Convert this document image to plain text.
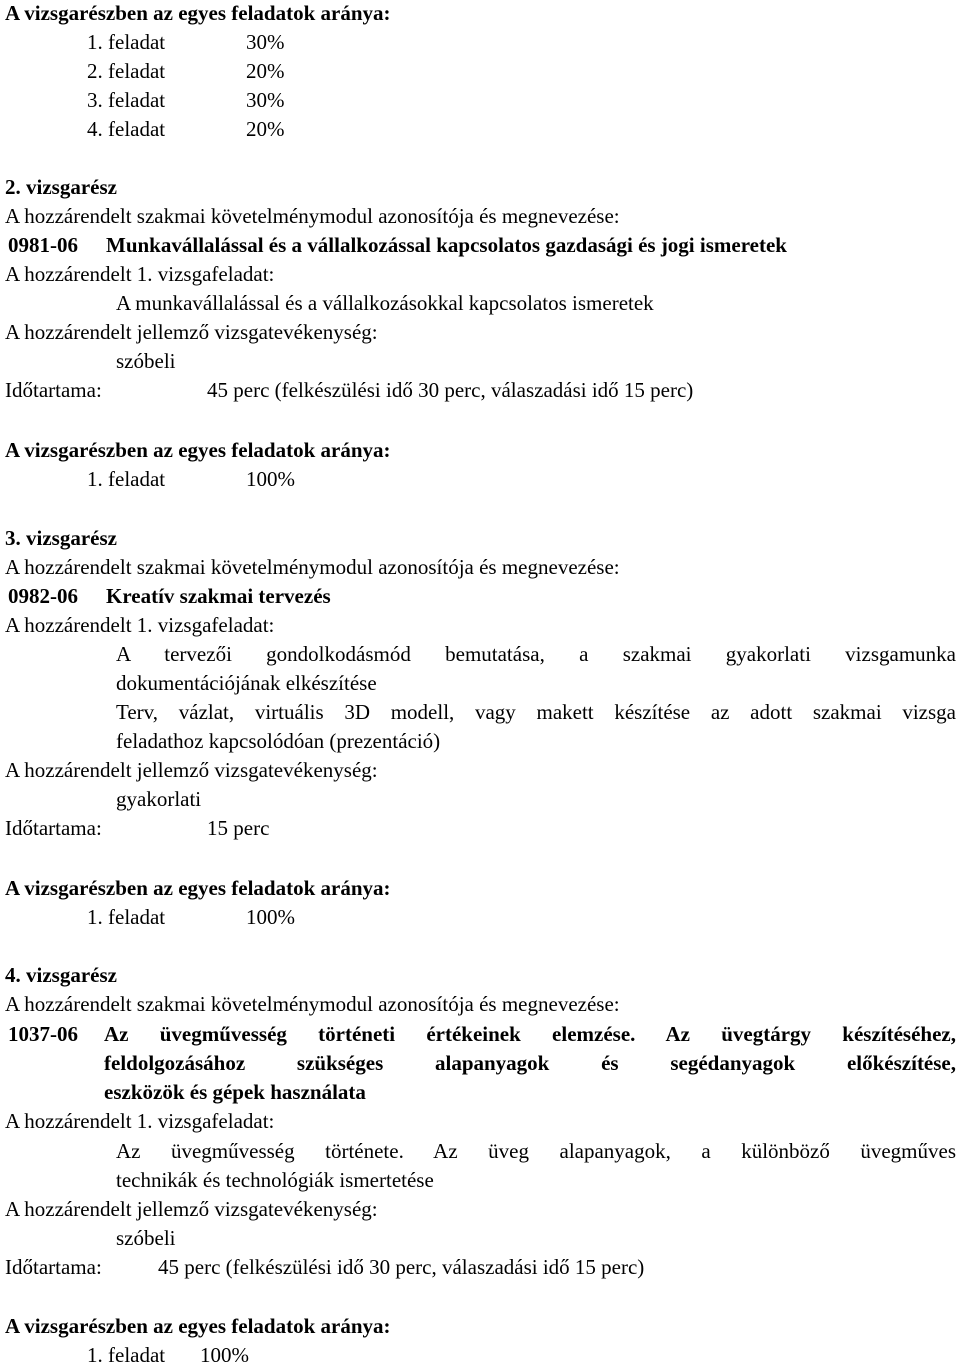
A vizsgarészben az egyes feladatok aránya:
1. feladat	30%
2. feladat	20%
3. feladat	30%
4. feladat	20%
2. vizsgarész
A hozzárendelt szakmai követelménymodul azonosítója és megnevezése:
0981-06 Munkavállalással és a vállalkozással kapcsolatos gazdasági és jogi ismeretek
A hozzárendelt 1. vizsgafeladat:
A munkavállalással és a vállalkozásokkal kapcsolatos ismeretek
A hozzárendelt jellemző vizsgatevékenység:
szóbeli
Időtartama:	45 perc (felkészülési idő 30 perc, válaszadási idő 15 perc)
A vizsgarészben az egyes feladatok aránya:
1. feladat	100%
3. vizsgarész
A hozzárendelt szakmai követelménymodul azonosítója és megnevezése:
0982-06 Kreatív szakmai tervezés
A hozzárendelt 1. vizsgafeladat:
A tervezői gondolkodásmód bemutatása, a szakmai gyakorlati vizsgamunka
dokumentációjának elkészítése
Terv, vázlat, virtuális 3D modell, vagy makett készítése az adott szakmai vizsga
feladathoz kapcsolódóan (prezentáció)
A hozzárendelt jellemző vizsgatevékenység:
gyakorlati
Időtartama:	15 perc
A vizsgarészben az egyes feladatok aránya:
1. feladat	100%
4. vizsgarész
A hozzárendelt szakmai követelménymodul azonosítója és megnevezése:
1037-06 Az üvegművesség történeti értékeinek elemzése. Az üvegtárgy készítéséhez,
feldolgozásához szükséges alapanyagok és segédanyagok előkészítése,
eszközök és gépek használata
A hozzárendelt 1. vizsgafeladat:
Az üvegművesség története. Az üveg alapanyagok, a különböző üvegműves
technikák és technológiák ismertetése
A hozzárendelt jellemző vizsgatevékenység:
szóbeli
Időtartama:	45 perc (felkészülési idő 30 perc, válaszadási idő 15 perc)
A vizsgarészben az egyes feladatok aránya:
1. feladat 100%
